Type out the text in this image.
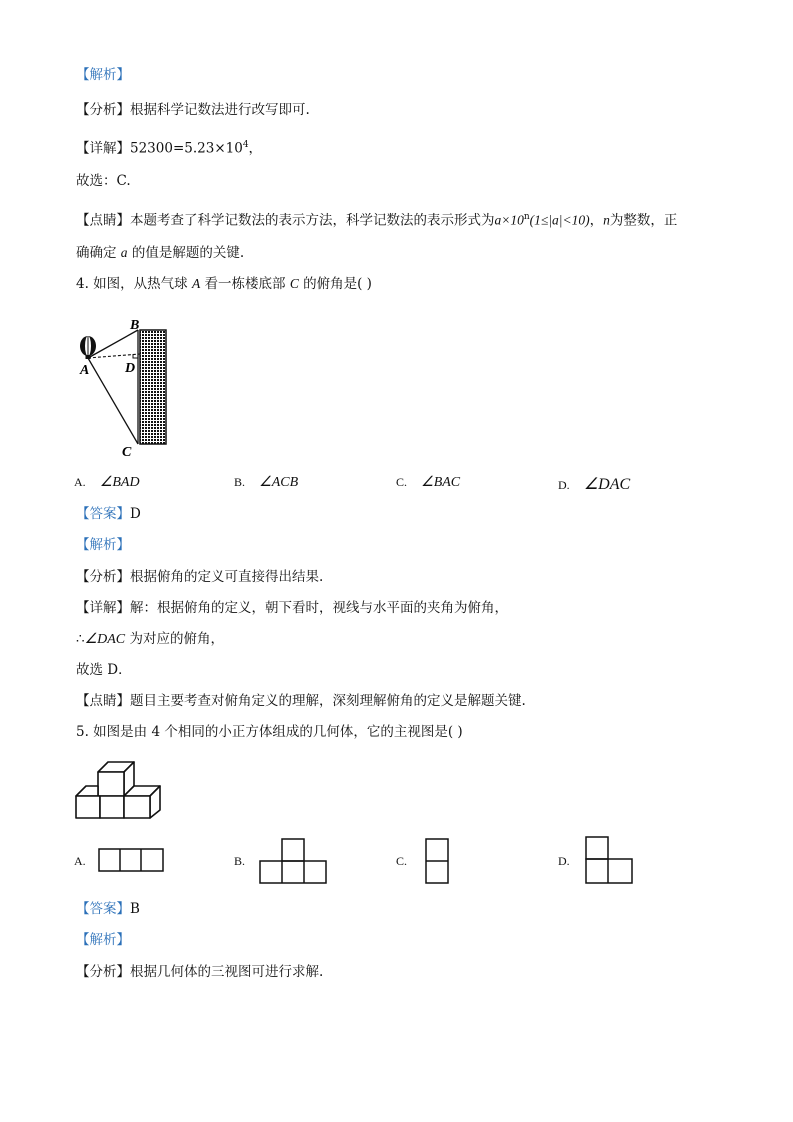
【解析】
【分析】根据科学记数法进行改写即可.
【详解】$52300=5.23\times 10^4$，
故选：C.
【点睛】本题考查了科学记数法的表示方法，科学记数法的表示形式为$a\times 10^n(1\le|a|<10)$，n为整数，正
确确定 a 的值是解题的关键.
4. 如图，从热气球 A 看一栋楼底部 C 的俯角是( )
B
D
A
C
A. ∠BAD	B. ∠ACB	C. ∠BAC	D. ∠DAC
【答案】D
【解析】
【分析】根据俯角的定义可直接得出结果.
【详解】解：根据俯角的定义，朝下看时，视线与水平面的夹角为俯角，
∴∠DAC 为对应的俯角，
故选 D．
【点睛】题目主要考查对俯角定义的理解，深刻理解俯角的定义是解题关键.
5. 如图是由 4 个相同的小正方体组成的几何体，它的主视图是( )
A.	B.	C.	D.
【答案】B
【解析】
【分析】根据几何体的三视图可进行求解.
